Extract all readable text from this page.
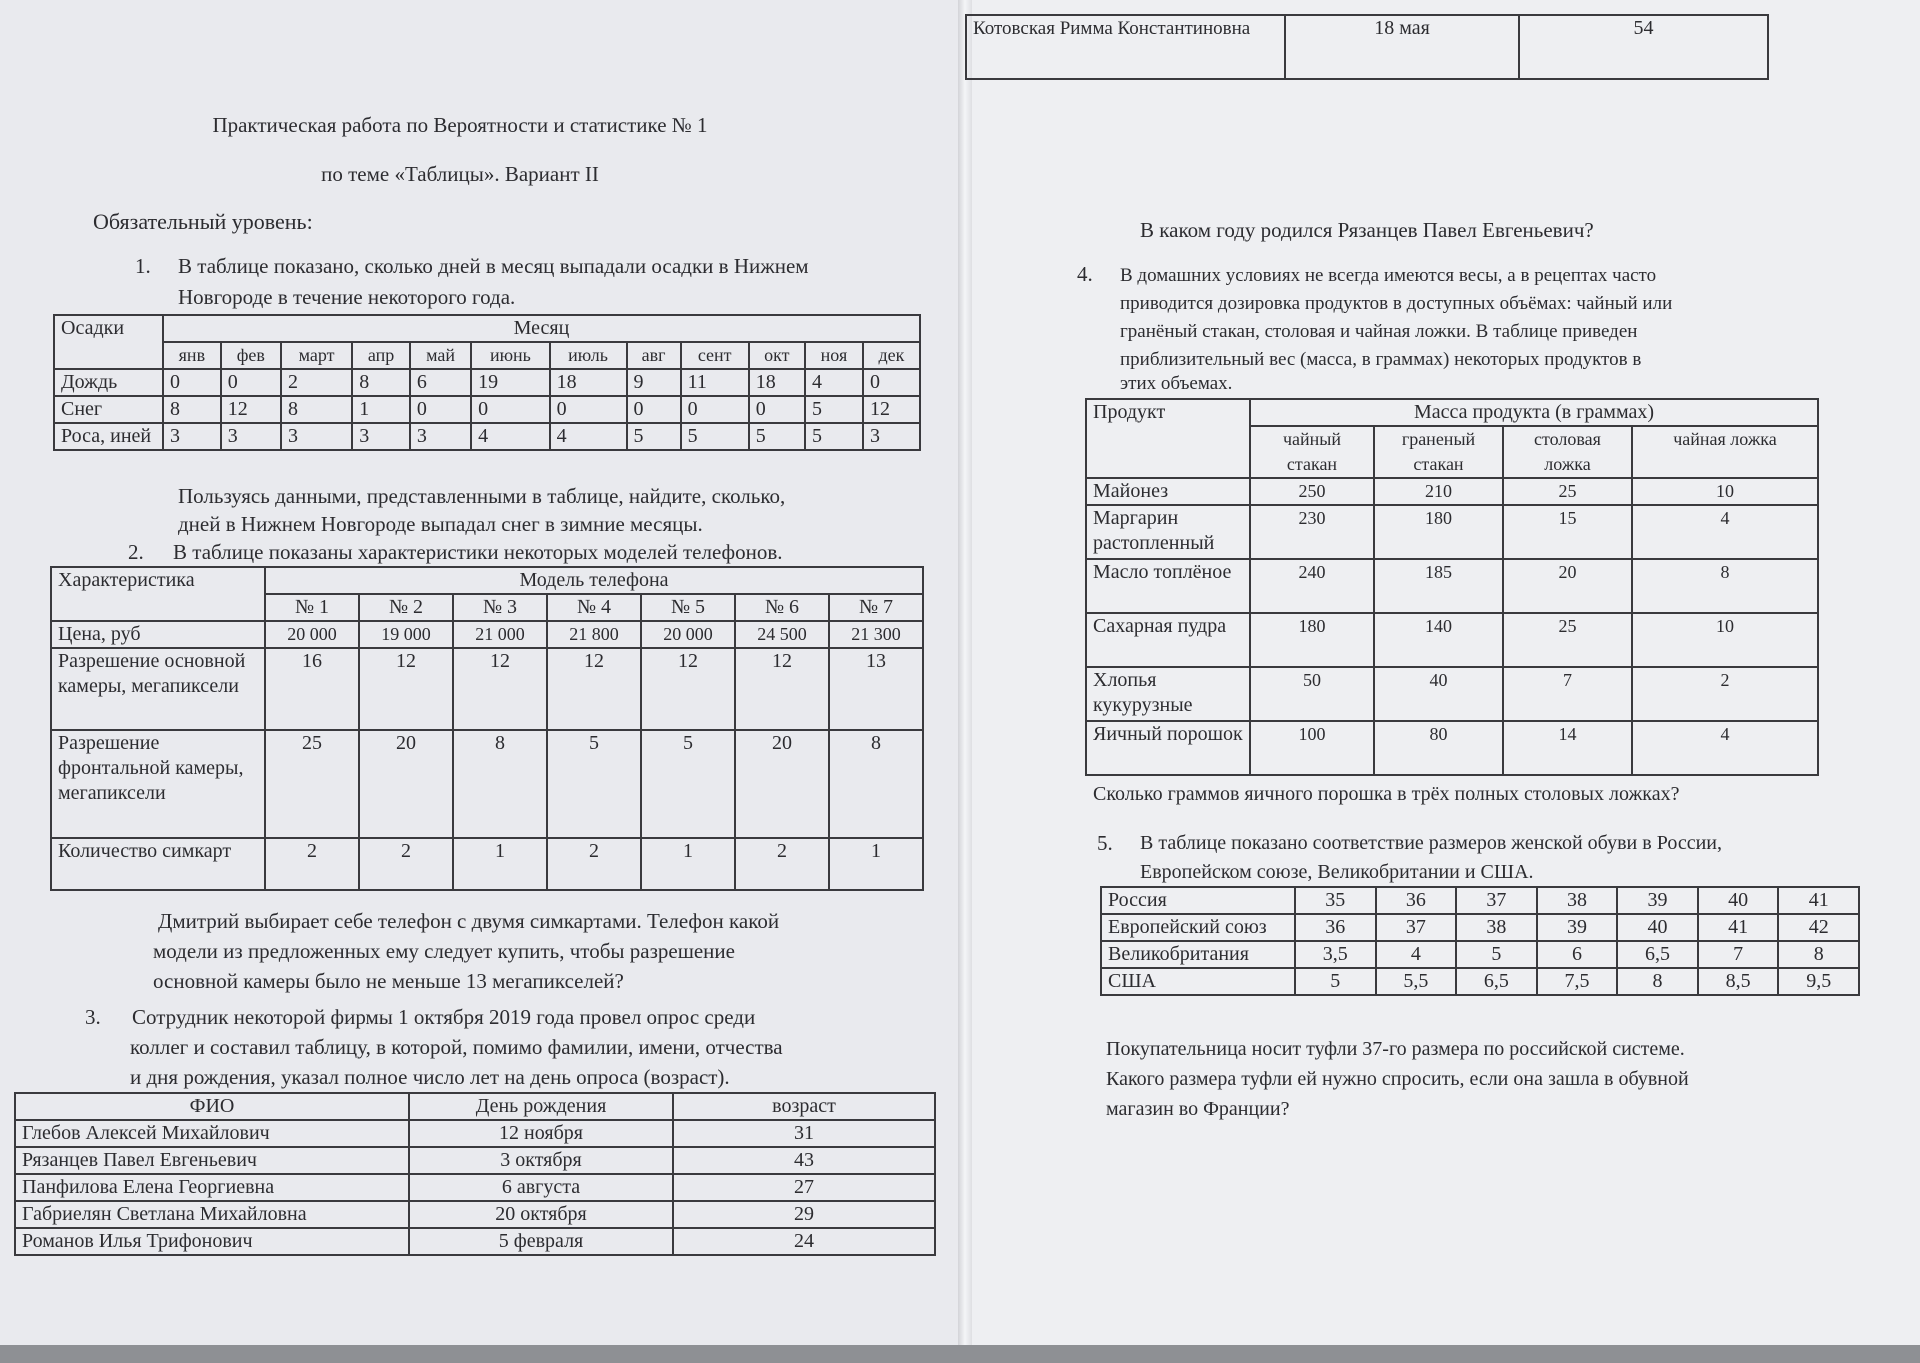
Практическая работа по Вероятности и статистике № 1
по теме «Таблицы». Вариант II
Обязательный уровень:
1. В таблице показано, сколько дней в месяц выпадали осадки в Нижнем
Новгороде в течение некоторого года.
Осадки	Месяц											
	янв	фев	март	апр	май	июнь	июль	авг	сент	окт	ноя	дек
Дождь	0	0	2	8	6	19	18	9	11	18	4	0
Снег	8	12	8	1	0	0	0	0	0	0	5	12
Роса, иней	3	3	3	3	3	4	4	5	5	5	5	3
Пользуясь данными, представленными в таблице, найдите, сколько,
дней в Нижнем Новгороде выпадал снег в зимние месяцы.
2. В таблице показаны характеристики некоторых моделей телефонов.
Характеристика	Модель телефона						
	№ 1	№ 2	№ 3	№ 4	№ 5	№ 6	№ 7
Цена, руб	20 000	19 000	21 000	21 800	20 000	24 500	21 300
Разрешение основной камеры, мегапиксели	16	12	12	12	12	12	13
Разрешение фронтальной камеры, мегапиксели	25	20	8	5	5	20	8
Количество симкарт	2	2	1	2	1	2	1
Дмитрий выбирает себе телефон с двумя симкартами. Телефон какой
модели из предложенных ему следует купить, чтобы разрешение
основной камеры было не меньше 13 мегапикселей?
3. Сотрудник некоторой фирмы 1 октября 2019 года провел опрос среди
коллег и составил таблицу, в которой, помимо фамилии, имени, отчества
и дня рождения, указал полное число лет на день опроса (возраст).
ФИО	День рождения	возраст
Глебов Алексей Михайлович	12 ноября	31
Рязанцев Павел Евгеньевич	3 октября	43
Панфилова Елена Георгиевна	6 августа	27
Габриелян Светлана Михайловна	20 октября	29
Романов Илья Трифонович	5 февраля	24
Котовская Римма Константиновна	18 мая	54
В каком году родился Рязанцев Павел Евгеньевич?
4. В домашних условиях не всегда имеются весы, а в рецептах часто
приводится дозировка продуктов в доступных объёмах: чайный или
гранёный стакан, столовая и чайная ложки. В таблице приведен
приблизительный вес (масса, в граммах) некоторых продуктов в
этих объемах.
Продукт	Масса продукта (в граммах)			
	чайный стакан	граненый стакан	столовая ложка	чайная ложка
Майонез	250	210	25	10
Маргарин растопленный	230	180	15	4
Масло топлёное	240	185	20	8
Сахарная пудра	180	140	25	10
Хлопья кукурузные	50	40	7	2
Яичный порошок	100	80	14	4
Сколько граммов яичного порошка в трёх полных столовых ложках?
5. В таблице показано соответствие размеров женской обуви в России,
Европейском союзе, Великобритании и США.
Россия	35	36	37	38	39	40	41
Европейский союз	36	37	38	39	40	41	42
Великобритания	3,5	4	5	6	6,5	7	8
США	5	5,5	6,5	7,5	8	8,5	9,5
Покупательница носит туфли 37-го размера по российской системе.
Какого размера туфли ей нужно спросить, если она зашла в обувной
магазин во Франции?
